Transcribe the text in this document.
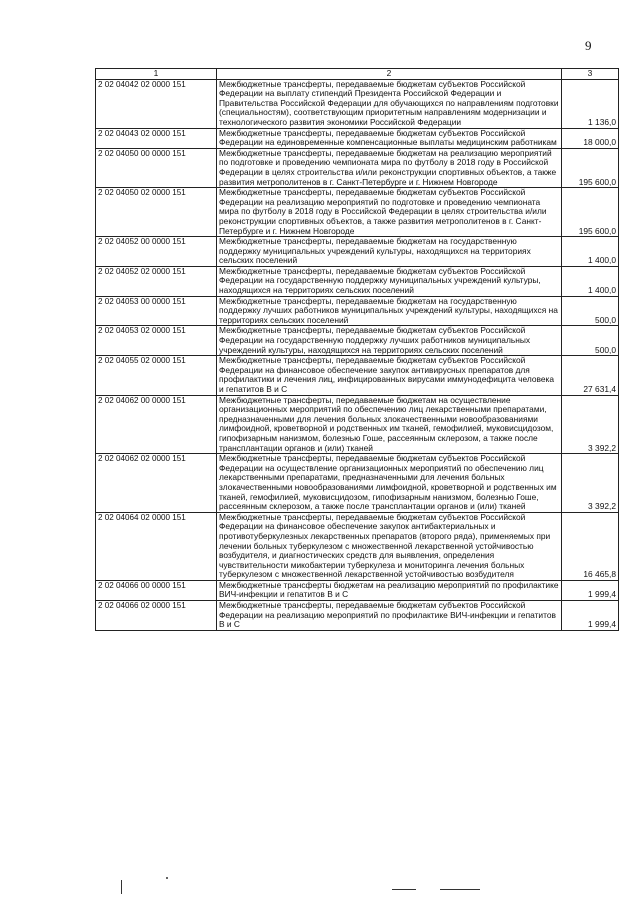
9
1	2	3
2 02 04042 02 0000 151	Межбюджетные трансферты, передаваемые бюджетам субъектов Российской Федерации на выплату стипендий Президента Российской Федерации и Правительства Российской Федерации для обучающихся по направлениям подготовки (специальностям), соответствующим приоритетным направлениям модернизации и технологического развития экономики Российской Федерации	1 136,0
2 02 04043 02 0000 151	Межбюджетные трансферты, передаваемые бюджетам субъектов Российской Федерации на единовременные компенсационные выплаты медицинским работникам	18 000,0
2 02 04050 00 0000 151	Межбюджетные трансферты, передаваемые бюджетам на реализацию мероприятий по подготовке и проведению чемпионата мира по футболу в 2018 году в Российской Федерации в целях строительства и/или реконструкции спортивных объектов, а также развития метрополитенов в г. Санкт-Петербурге и г. Нижнем Новгороде	195 600,0
2 02 04050 02 0000 151	Межбюджетные трансферты, передаваемые бюджетам субъектов Российской Федерации на реализацию мероприятий по подготовке и проведению чемпионата мира по футболу в 2018 году в Российской Федерации в целях строительства и/или реконструкции спортивных объектов, а также развития метрополитенов в г. Санкт-Петербурге и г. Нижнем Новгороде	195 600,0
2 02 04052 00 0000 151	Межбюджетные трансферты, передаваемые бюджетам на государственную поддержку муниципальных учреждений культуры, находящихся на территориях сельских поселений	1 400,0
2 02 04052 02 0000 151	Межбюджетные трансферты, передаваемые бюджетам субъектов Российской Федерации на государственную поддержку муниципальных учреждений культуры, находящихся на территориях сельских поселений	1 400,0
2 02 04053 00 0000 151	Межбюджетные трансферты, передаваемые бюджетам на государственную поддержку лучших работников муниципальных учреждений культуры, находящихся на территориях сельских поселений	500,0
2 02 04053 02 0000 151	Межбюджетные трансферты, передаваемые бюджетам субъектов Российской Федерации на государственную поддержку лучших работников муниципальных учреждений культуры, находящихся на территориях сельских поселений	500,0
2 02 04055 02 0000 151	Межбюджетные трансферты, передаваемые бюджетам субъектов Российской Федерации на финансовое обеспечение закупок антивирусных препаратов для профилактики и лечения лиц, инфицированных вирусами иммунодефицита человека и гепатитов В и С	27 631,4
2 02 04062 00 0000 151	Межбюджетные трансферты, передаваемые бюджетам на осуществление организационных мероприятий по обеспечению лиц лекарственными препаратами, предназначенными для лечения больных злокачественными новообразованиями лимфоидной, кроветворной и родственных им тканей, гемофилией, муковисцидозом, гипофизарным нанизмом, болезнью Гоше, рассеянным склерозом, а также после трансплантации органов и (или) тканей	3 392,2
2 02 04062 02 0000 151	Межбюджетные трансферты, передаваемые бюджетам субъектов Российской Федерации на осуществление организационных мероприятий по обеспечению лиц лекарственными препаратами, предназначенными для лечения больных злокачественными новообразованиями лимфоидной, кроветворной и родственных им тканей, гемофилией, муковисцидозом, гипофизарным нанизмом, болезнью Гоше, рассеянным склерозом, а также после трансплантации органов и (или) тканей	3 392,2
2 02 04064 02 0000 151	Межбюджетные трансферты, передаваемые бюджетам субъектов Российской Федерации на финансовое обеспечение закупок антибактериальных и противотуберкулезных лекарственных препаратов (второго ряда), применяемых при лечении больных туберкулезом с множественной лекарственной устойчивостью возбудителя, и диагностических средств для выявления, определения чувствительности микобактерии туберкулеза и мониторинга лечения больных туберкулезом с множественной лекарственной устойчивостью возбудителя	16 465,8
2 02 04066 00 0000 151	Межбюджетные трансферты бюджетам на реализацию мероприятий по профилактике ВИЧ-инфекции и гепатитов В и С	1 999,4
2 02 04066 02 0000 151	Межбюджетные трансферты, передаваемые бюджетам субъектов Российской Федерации на реализацию мероприятий по профилактике ВИЧ-инфекции и гепатитов В и С	1 999,4
